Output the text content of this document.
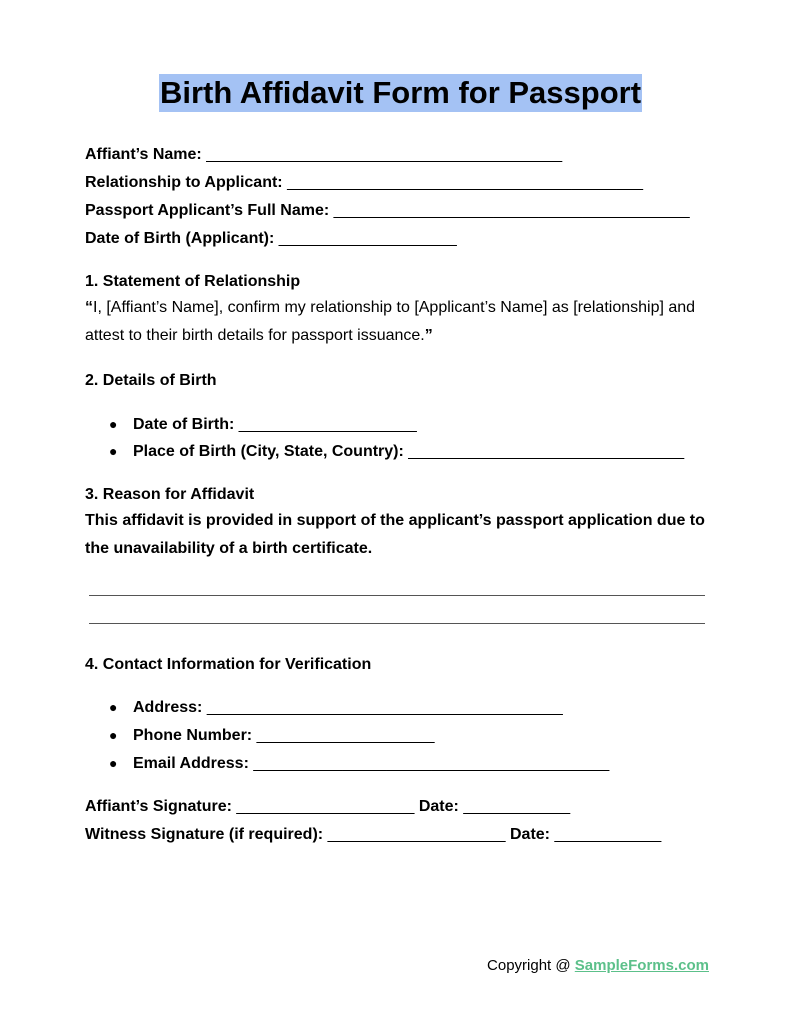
Birth Affidavit Form for Passport
Affiant’s Name: ________________________________________
Relationship to Applicant: ________________________________________
Passport Applicant’s Full Name: ________________________________________
Date of Birth (Applicant): ____________________
1. Statement of Relationship
“I, [Affiant’s Name], confirm my relationship to [Applicant’s Name] as [relationship] and attest to their birth details for passport issuance.”
2. Details of Birth
● Date of Birth: ____________________
● Place of Birth (City, State, Country): _______________________________
3. Reason for Affidavit
This affidavit is provided in support of the applicant’s passport application due to the unavailability of a birth certificate.
4. Contact Information for Verification
● Address: ________________________________________
● Phone Number: ____________________
● Email Address: ________________________________________
Affiant’s Signature: ____________________ Date: ____________
Witness Signature (if required): ____________________ Date: ____________
Copyright @ SampleForms.com
